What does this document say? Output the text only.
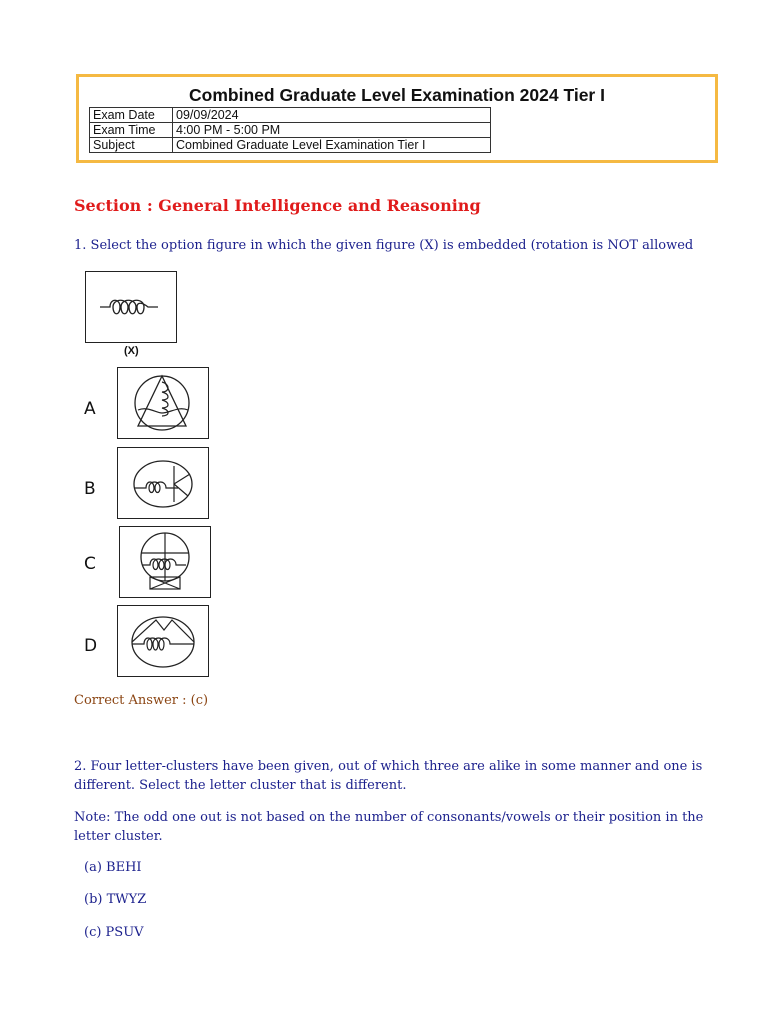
Combined Graduate Level Examination 2024 Tier I
Exam Date	09/09/2024
Exam Time	4:00 PM - 5:00 PM
Subject	Combined Graduate Level Examination Tier I
Section : General Intelligence and Reasoning
1. Select the option figure in which the given figure (X) is embedded (rotation is NOT allowed
(X)
A
B
C
D
Correct Answer : (c)
2. Four letter-clusters have been given, out of which three are alike in some manner and one is different. Select the letter cluster that is different.
Note: The odd one out is not based on the number of consonants/vowels or their position in the letter cluster.
(a) BEHI
(b) TWYZ
(c) PSUV
